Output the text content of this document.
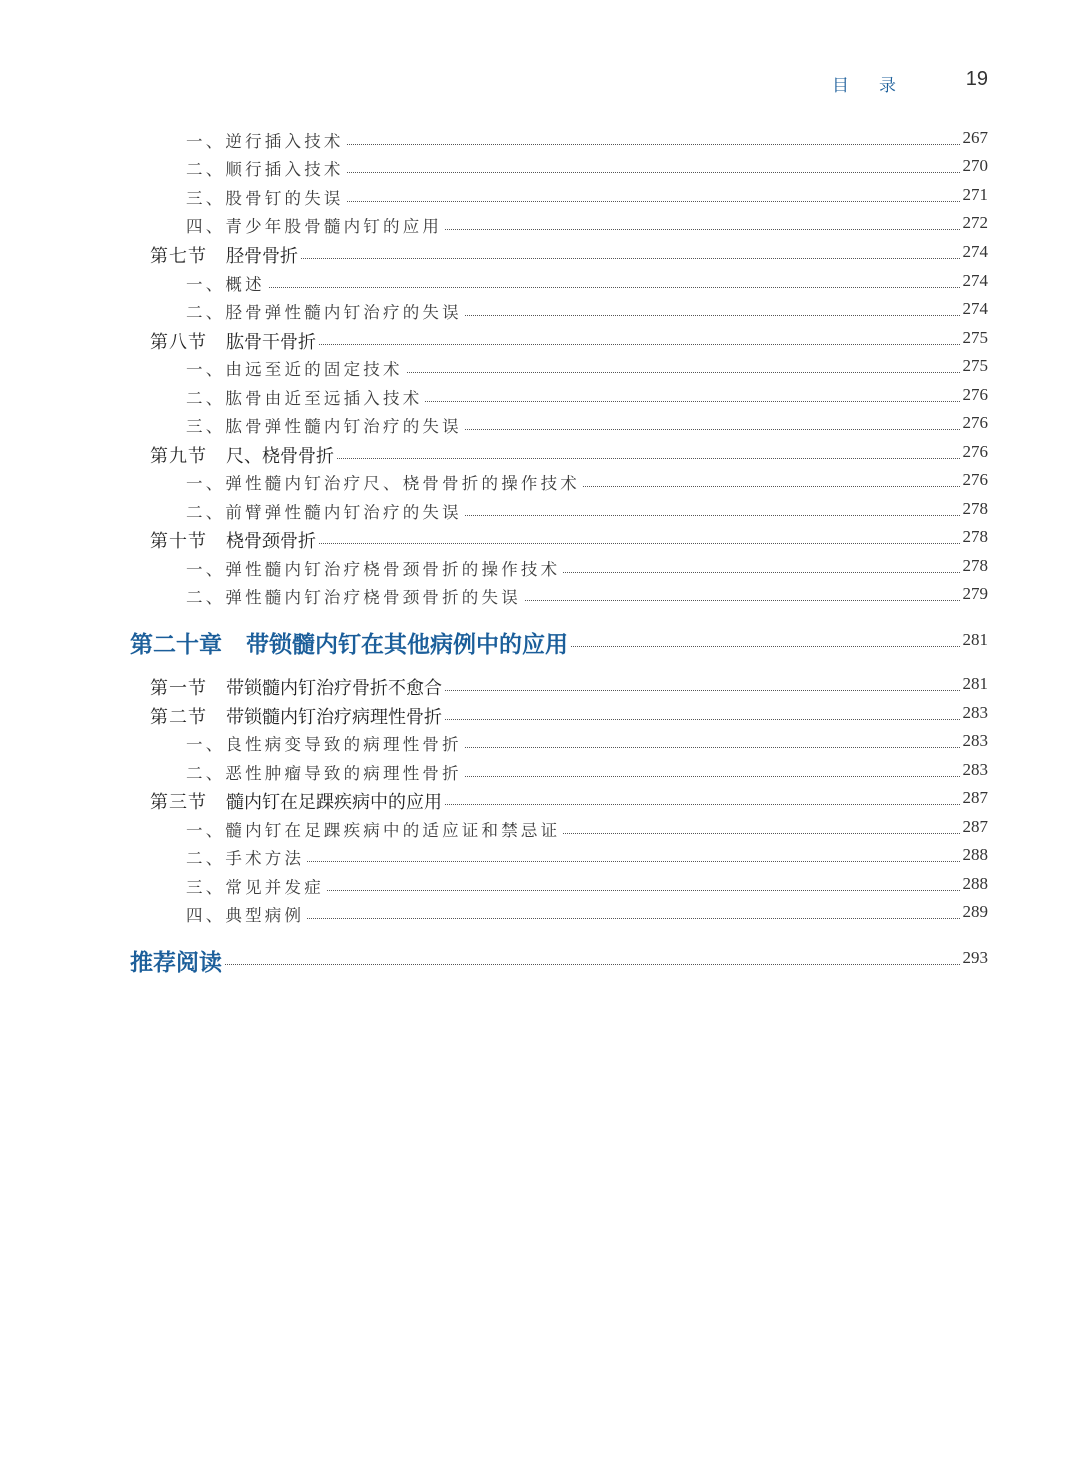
目录 19
一、逆行插入技术	267
二、顺行插入技术	270
三、股骨钉的失误	271
四、青少年股骨髓内钉的应用	272
第七节 胫骨骨折	274
一、概述	274
二、胫骨弹性髓内钉治疗的失误	274
第八节 肱骨干骨折	275
一、由远至近的固定技术	275
二、肱骨由近至远插入技术	276
三、肱骨弹性髓内钉治疗的失误	276
第九节 尺、桡骨骨折	276
一、弹性髓内钉治疗尺、桡骨骨折的操作技术	276
二、前臂弹性髓内钉治疗的失误	278
第十节 桡骨颈骨折	278
一、弹性髓内钉治疗桡骨颈骨折的操作技术	278
二、弹性髓内钉治疗桡骨颈骨折的失误	279
第二十章 带锁髓内钉在其他病例中的应用	281
第一节 带锁髓内钉治疗骨折不愈合	281
第二节 带锁髓内钉治疗病理性骨折	283
一、良性病变导致的病理性骨折	283
二、恶性肿瘤导致的病理性骨折	283
第三节 髓内钉在足踝疾病中的应用	287
一、髓内钉在足踝疾病中的适应证和禁忌证	287
二、手术方法	288
三、常见并发症	288
四、典型病例	289
推荐阅读	293
